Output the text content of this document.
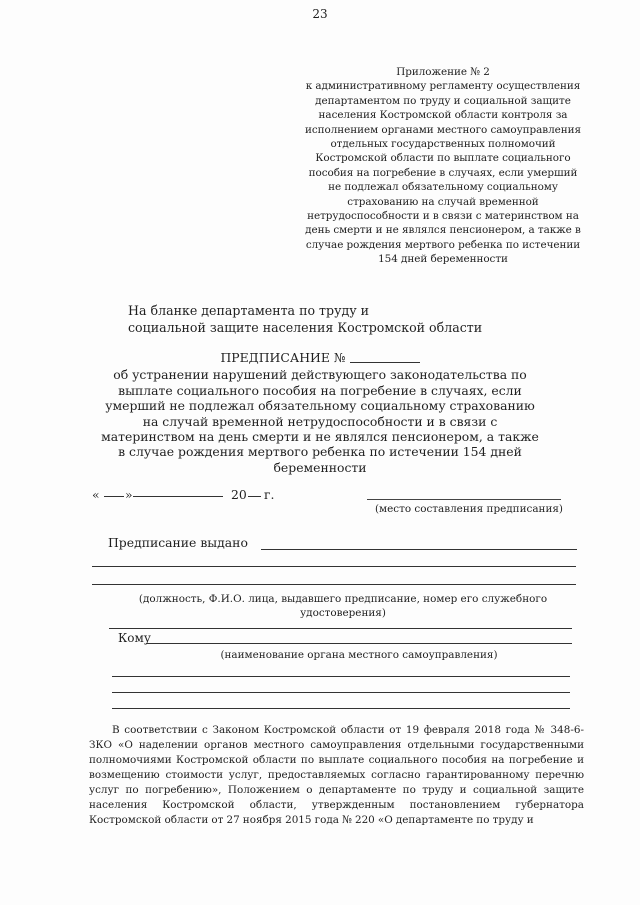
23
Приложение № 2
к административному регламенту осуществления департаментом по труду и социальной защите населения Костромской области контроля за исполнением органами местного самоуправления отдельных государственных полномочий Костромской области по выплате социального пособия на погребение в случаях, если умерший не подлежал обязательному социальному страхованию на случай временной нетрудоспособности и в связи с материнством на день смерти и не являлся пенсионером, а также в случае рождения мертвого ребенка по истечении 154 дней беременности
На бланке департамента по труду и
социальной защите населения Костромской области
ПРЕДПИСАНИЕ №
об устранении нарушений действующего законодательства по выплате социального пособия на погребение в случаях, если умерший не подлежал обязательному социальному страхованию на случай временной нетрудоспособности и в связи с материнством на день смерти и не являлся пенсионером, а также в случае рождения мертвого ребенка по истечении 154 дней беременности
« »	20 г.
(место составления предписания)
Предписание выдано
(должность, Ф.И.О. лица, выдавшего предписание, номер его служебного удостоверения)
Кому
(наименование органа местного самоуправления)
В соответствии с Законом Костромской области от 19 февраля 2018 года № 348-6-ЗКО «О наделении органов местного самоуправления отдельными государственными полномочиями Костромской области по выплате социального пособия на погребение и возмещению стоимости услуг, предоставляемых согласно гарантированному перечню услуг по погребению», Положением о департаменте по труду и социальной защите населения Костромской области, утвержденным постановлением губернатора Костромской области от 27 ноября 2015 года № 220 «О департаменте по труду и
